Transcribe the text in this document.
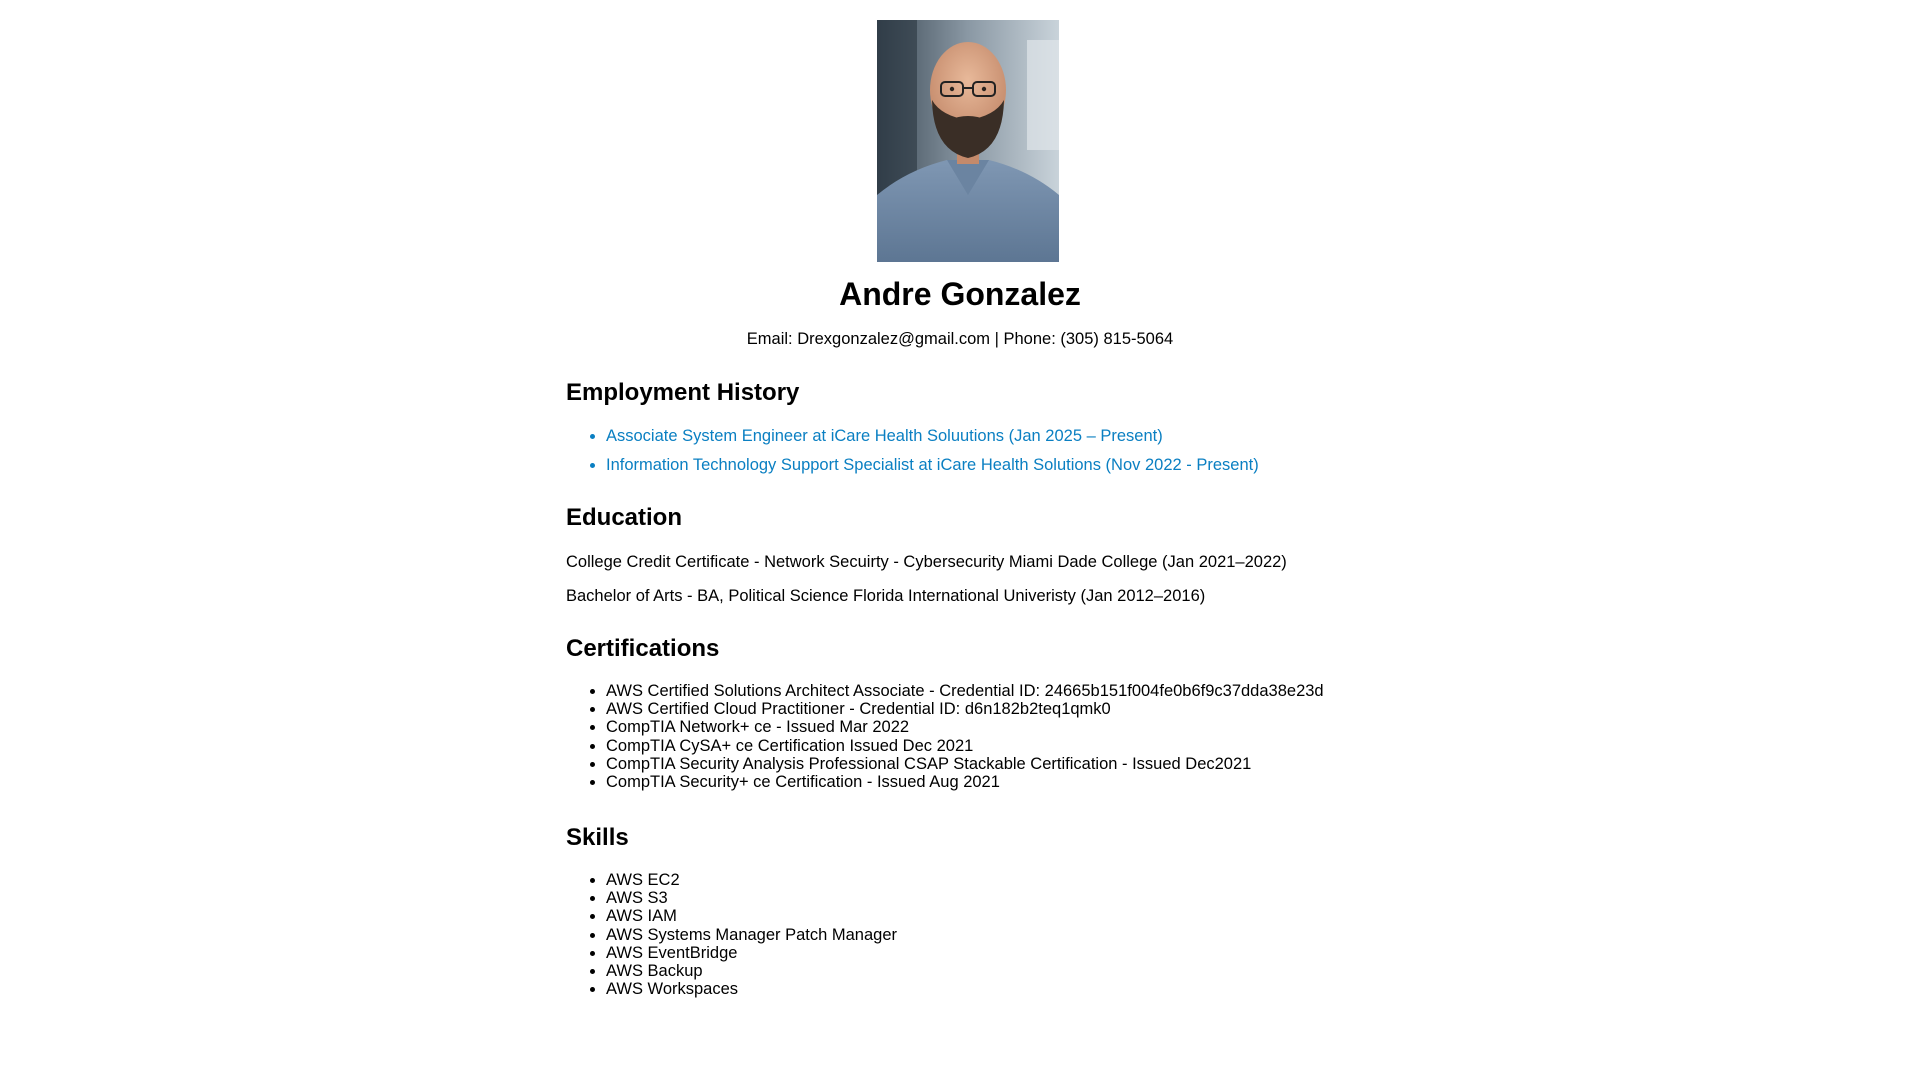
Andre Gonzalez

Email: Drexgonzalez@gmail.com | Phone: (305) 815-5064

Employment History
• Associate System Engineer at iCare Health Soluutions (Jan 2025 – Present)
• Information Technology Support Specialist at iCare Health Solutions (Nov 2022 - Present)
Education

College Credit Certificate - Network Secuirty - Cybersecurity Miami Dade College (Jan 2021–2022)

Bachelor of Arts - BA, Political Science Florida International Univeristy (Jan 2012–2016)

Certifications
• AWS Certified Solutions Architect Associate - Credential ID: 24665b151f004fe0b6f9c37dda38e23d
• AWS Certified Cloud Practitioner - Credential ID: d6n182b2teq1qmk0
• CompTIA Network+ ce - Issued Mar 2022
• CompTIA CySA+ ce Certification Issued Dec 2021
• CompTIA Security Analysis Professional CSAP Stackable Certification - Issued Dec2021
• CompTIA Security+ ce Certification - Issued Aug 2021
Skills
• AWS EC2
• AWS S3
• AWS IAM
• AWS Systems Manager Patch Manager
• AWS EventBridge
• AWS Backup
• AWS Workspaces
